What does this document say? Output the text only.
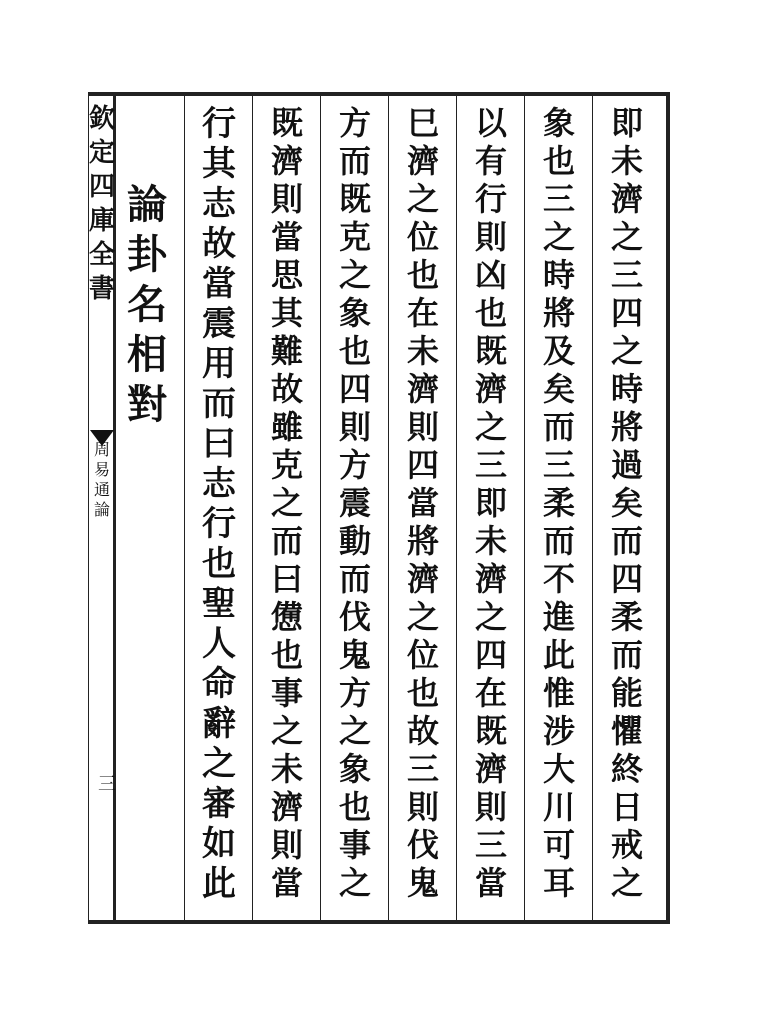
欽
定
四
庫
全
書
周
易
通
論
三
論
卦
名
相
對
即
未
濟
之
三
四
之
時
將
過
矣
而
四
柔
而
能
懼
終
日
戒
之
象
也
三
之
時
將
及
矣
而
三
柔
而
不
進
此
惟
涉
大
川
可
耳
以
有
行
則
凶
也
既
濟
之
三
即
未
濟
之
四
在
既
濟
則
三
當
巳
濟
之
位
也
在
未
濟
則
四
當
將
濟
之
位
也
故
三
則
伐
鬼
方
而
既
克
之
象
也
四
則
方
震
動
而
伐
鬼
方
之
象
也
事
之
既
濟
則
當
思
其
難
故
雖
克
之
而
曰
憊
也
事
之
未
濟
則
當
行
其
志
故
當
震
用
而
曰
志
行
也
聖
人
命
辭
之
審
如
此
